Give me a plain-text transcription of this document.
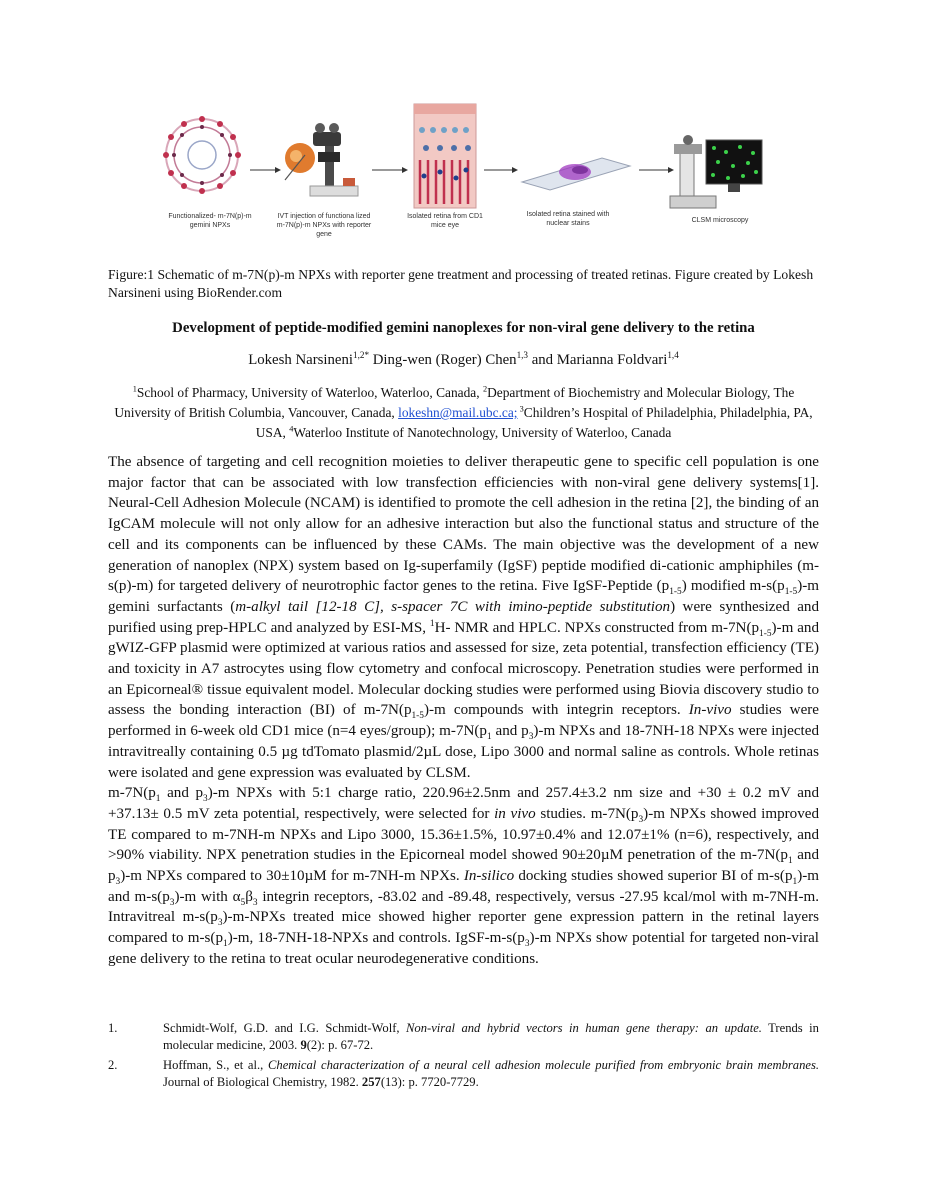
Functionalized- m-7N(p)-m gemini NPXs
IVT injection of functiona lized m-7N(p)-m NPXs with reporter gene
Isolated retina from CD1 mice eye
Isolated retina stained with nuclear stains	CLSM microscopy
Figure:1 Schematic of m-7N(p)-m NPXs with reporter gene treatment and processing of treated retinas. Figure created by Lokesh Narsineni using BioRender.com
Development of peptide-modified gemini nanoplexes for non-viral gene delivery to the retina
Lokesh Narsineni$^{1,2*}$ Ding-wen (Roger) Chen$^{1,3}$ and Marianna Foldvari$^{1,4}$
$^1$School of Pharmacy, University of Waterloo, Waterloo, Canada, $^2$Department of Biochemistry and Molecular Biology, The University of British Columbia, Vancouver, Canada, lokeshn@mail.ubc.ca; $^3$Children’s Hospital of Philadelphia, Philadelphia, PA, USA, $^4$Waterloo Institute of Nanotechnology, University of Waterloo, Canada

The absence of targeting and cell recognition moieties to deliver therapeutic gene to specific cell population is one major factor that can be associated with low transfection efficiencies with non-viral gene delivery systems[1]. Neural-Cell Adhesion Molecule (NCAM) is identified to promote the cell adhesion in the retina [2], the binding of an IgCAM molecule will not only allow for an adhesive interaction but also the functional status and structure of the cell and its components can be influenced by these CAMs. The main objective was the development of a new generation of nanoplex (NPX) system based on Ig-superfamily (IgSF) peptide modified di-cationic amphiphiles (m-s(p)-m) for targeted delivery of neurotrophic factor genes to the retina. Five IgSF-Peptide $(p_{1-5})$ modified $m-s(p_{1-5})-m$ gemini surfactants (m-alkyl tail [12-18 C], s-spacer 7C with imino-peptide substitution) were synthesized and purified using prep-HPLC and analyzed by ESI-MS, $^1$H- NMR and HPLC. NPXs constructed from $m-7N(p_{1-5})-m$ and gWIZ-GFP plasmid were optimized at various ratios and assessed for size, zeta potential, transfection efficiency (TE) and toxicity in A7 astrocytes using flow cytometry and confocal microscopy. Penetration studies were performed in an Epicorneal® tissue equivalent model. Molecular docking studies were performed using Biovia discovery studio to assess the bonding interaction (BI) of $m-7N(p_{1-5})-m$ compounds with integrin receptors. In-vivo studies were performed in 6-week old CD1 mice (n=4 eyes/group); $m-7N(p_1$ and $p_3)-m$ NPXs and 18-7NH-18 NPXs were injected intravitreally containing 0.5 µg tdTomato plasmid/2µL dose, Lipo 3000 and normal saline as controls. Whole retinas were isolated and gene expression was evaluated by CLSM.

$m-7N(p_1$ and $p_3)-m$ NPXs with 5:1 charge ratio, 220.96±2.5nm and 257.4±3.2 nm size and +30 ± 0.2 mV and +37.13± 0.5 mV zeta potential, respectively, were selected for in vivo studies. $m-7N(p_3)-m$ NPXs showed improved TE compared to m-7NH-m NPXs and Lipo 3000, 15.36±1.5%, 10.97±0.4% and 12.07±1% (n=6), respectively, and >90% viability. NPX penetration studies in the Epicorneal model showed 90±20µM penetration of the $m-7N(p_1$ and $p_3)-m$ NPXs compared to 30±10µM for m-7NH-m NPXs. In-silico docking studies showed superior BI of $m-s(p_1)-m$ and $m-s(p_3)-m$ with $\alpha_5\beta_3$ integrin receptors, -83.02 and -89.48, respectively, versus -27.95 kcal/mol with m-7NH-m. Intravitreal $m-s(p_3)-m$-NPXs treated mice showed higher reporter gene expression pattern in the retinal layers compared to $m-s(p_1)-m$, 18-7NH-18-NPXs and controls. IgSF-$m-s(p_3)-m$ NPXs show potential for targeted non-viral gene delivery to the retina to treat ocular neurodegenerative conditions.

1.	Schmidt-Wolf, G.D. and I.G. Schmidt-Wolf, Non-viral and hybrid vectors in human gene therapy: an update. Trends in molecular medicine, 2003. 9(2): p. 67-72.
2.	Hoffman, S., et al., Chemical characterization of a neural cell adhesion molecule purified from embryonic brain membranes. Journal of Biological Chemistry, 1982. 257(13): p. 7720-7729.
